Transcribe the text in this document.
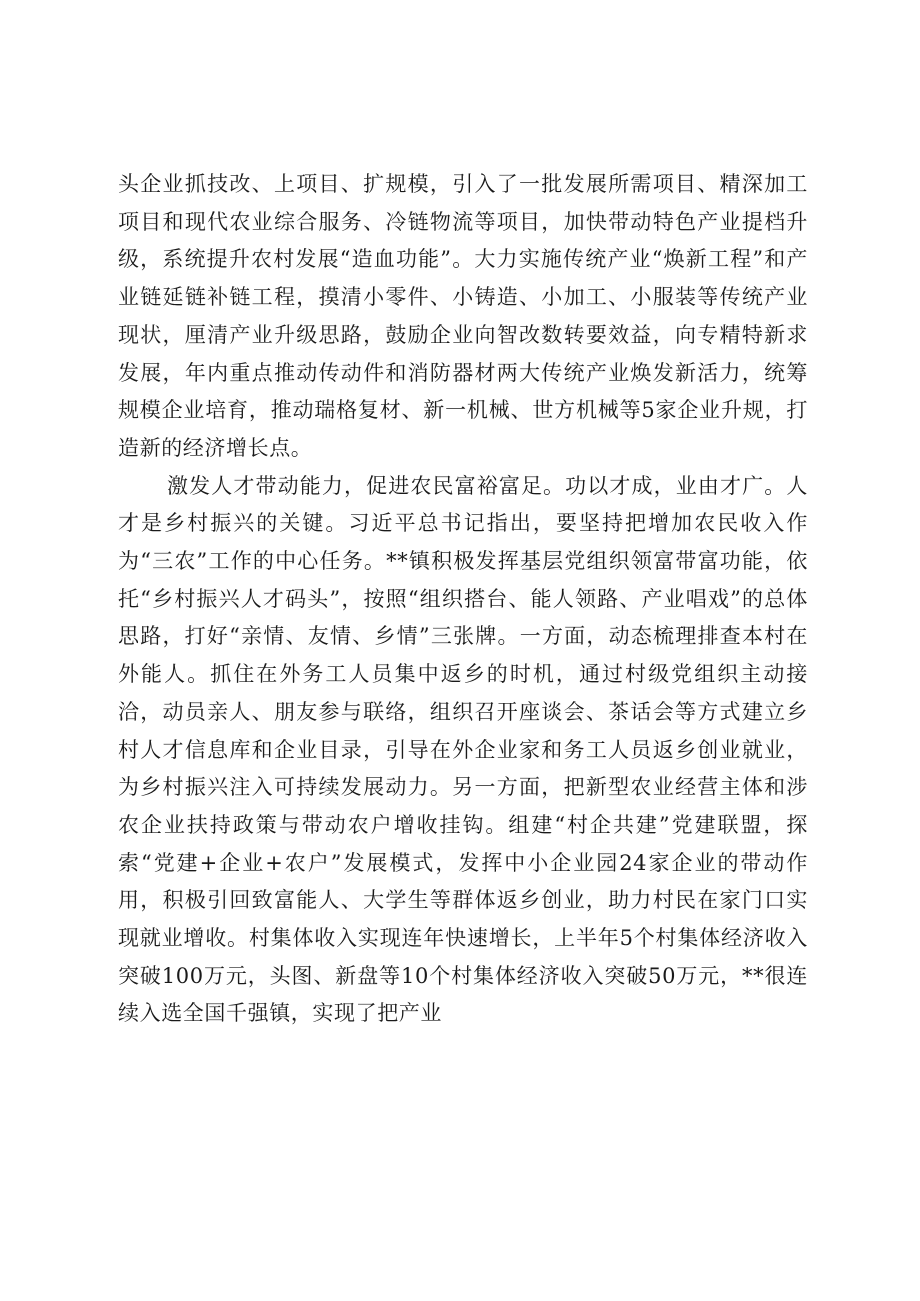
头企业抓技改、上项目、扩规模，引入了一批发展所需项目、精深加工项目和现代农业综合服务、冷链物流等项目，加快带动特色产业提档升级，系统提升农村发展“造血功能”。大力实施传统产业“焕新工程”和产业链延链补链工程，摸清小零件、小铸造、小加工、小服装等传统产业现状，厘清产业升级思路，鼓励企业向智改数转要效益，向专精特新求发展，年内重点推动传动件和消防器材两大传统产业焕发新活力，统筹规模企业培育，推动瑞格复材、新一机械、世方机械等5家企业升规，打造新的经济增长点。

激发人才带动能力，促进农民富裕富足。功以才成，业由才广。人才是乡村振兴的关键。习近平总书记指出，要坚持把增加农民收入作为“三农”工作的中心任务。**镇积极发挥基层党组织领富带富功能，依托“乡村振兴人才码头”，按照“组织搭台、能人领路、产业唱戏”的总体思路，打好“亲情、友情、乡情”三张牌。一方面，动态梳理排查本村在外能人。抓住在外务工人员集中返乡的时机，通过村级党组织主动接洽，动员亲人、朋友参与联络，组织召开座谈会、茶话会等方式建立乡村人才信息库和企业目录，引导在外企业家和务工人员返乡创业就业，为乡村振兴注入可持续发展动力。另一方面，把新型农业经营主体和涉农企业扶持政策与带动农户增收挂钩。组建“村企共建”党建联盟，探索“党建+企业+农户”发展模式，发挥中小企业园24家企业的带动作用，积极引回致富能人、大学生等群体返乡创业，助力村民在家门口实现就业增收。村集体收入实现连年快速增长，上半年5个村集体经济收入突破100万元，头图、新盘等10个村集体经济收入突破50万元，**很连续入选全国千强镇，实现了把产业
